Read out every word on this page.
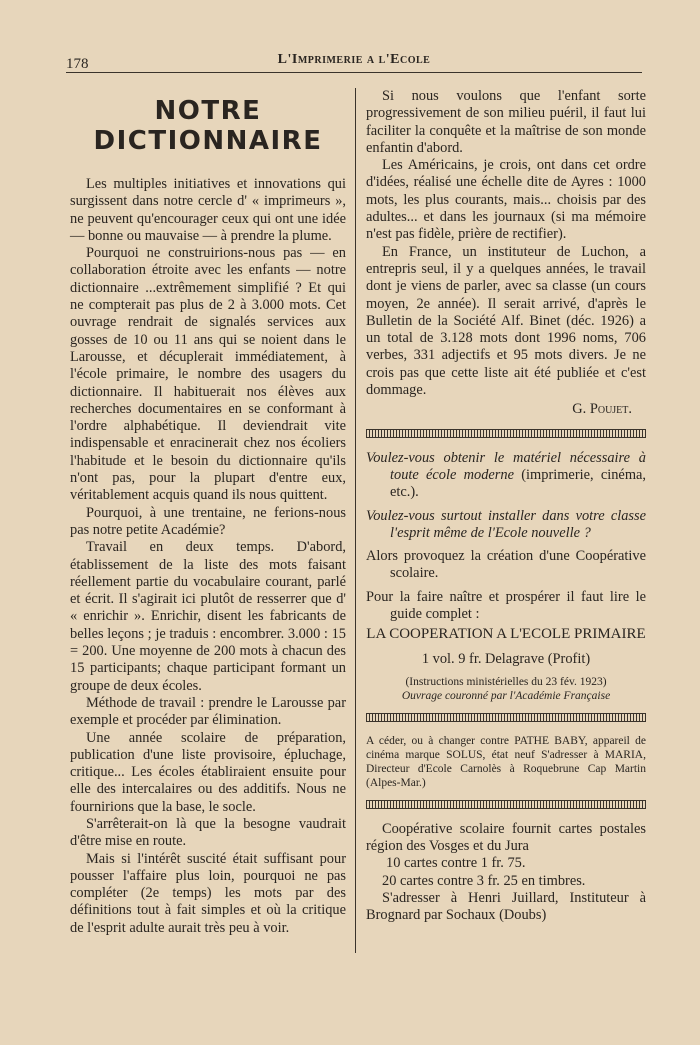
178	L'Imprimerie a l'Ecole
NOTRE DICTIONNAIRE

Les multiples initiatives et innovations qui surgissent dans notre cercle d' « imprimeurs », ne peuvent qu'encourager ceux qui ont une idée — bonne ou mauvaise — à prendre la plume.

Pourquoi ne construirions-nous pas — en collaboration étroite avec les enfants — notre dictionnaire ...extrêmement simplifié ? Et qui ne compterait pas plus de 2 à 3.000 mots. Cet ouvrage rendrait de signalés services aux gosses de 10 ou 11 ans qui se noient dans le Larousse, et décuplerait immédiatement, à l'école primaire, le nombre des usagers du dictionnaire. Il habituerait nos élèves aux recherches documentaires en se conformant à l'ordre alphabétique. Il deviendrait vite indispensable et enracinerait chez nos écoliers l'habitude et le besoin du dictionnaire qu'ils n'ont pas, pour la plupart d'entre eux, véritablement acquis quand ils nous quittent.

Pourquoi, à une trentaine, ne ferions-nous pas notre petite Académie?

Travail en deux temps. D'abord, établissement de la liste des mots faisant réellement partie du vocabulaire courant, parlé et écrit. Il s'agirait ici plutôt de resserrer que d' « enrichir ». Enrichir, disent les fabricants de belles leçons ; je traduis : encombrer. 3.000 : 15 = 200. Une moyenne de 200 mots à chacun des 15 participants; chaque participant formant un groupe de deux écoles.

Méthode de travail : prendre le Larousse par exemple et procéder par élimination.

Une année scolaire de préparation, publication d'une liste provisoire, épluchage, critique... Les écoles établiraient ensuite pour elle des intercalaires ou des additifs. Nous ne fournirions que la base, le socle.

S'arrêterait-on là que la besogne vaudrait d'être mise en route.

Mais si l'intérêt suscité était suffisant pour pousser l'affaire plus loin, pourquoi ne pas compléter (2e temps) les mots par des définitions tout à fait simples et où la critique de l'esprit adulte aurait très peu à voir.

Si nous voulons que l'enfant sorte progressivement de son milieu puéril, il faut lui faciliter la conquête et la maîtrise de son monde enfantin d'abord.

Les Américains, je crois, ont dans cet ordre d'idées, réalisé une échelle dite de Ayres : 1000 mots, les plus courants, mais... choisis par des adultes... et dans les journaux (si ma mémoire n'est pas fidèle, prière de rectifier).

En France, un instituteur de Luchon, a entrepris seul, il y a quelques années, le travail dont je viens de parler, avec sa classe (un cours moyen, 2e année). Il serait arrivé, d'après le Bulletin de la Société Alf. Binet (déc. 1926) a un total de 3.128 mots dont 1996 noms, 706 verbes, 331 adjectifs et 95 mots divers. Je ne crois pas que cette liste ait été publiée et c'est dommage.

G. Poujet.

Voulez-vous obtenir le matériel nécessaire à toute école moderne (imprimerie, cinéma, etc.).

Voulez-vous surtout installer dans votre classe l'esprit même de l'Ecole nouvelle ?

Alors provoquez la création d'une Coopérative scolaire.

Pour la faire naître et prospérer il faut lire le guide complet :

LA COOPERATION A L'ECOLE PRIMAIRE

1 vol. 9 fr. Delagrave (Profit)

(Instructions ministérielles du 23 fév. 1923)

Ouvrage couronné par l'Académie Française

A céder, ou à changer contre PATHE BABY, appareil de cinéma marque SOLUS, état neuf S'adresser à MARIA, Directeur d'Ecole Carnolès à Roquebrune Cap Martin (Alpes-Mar.)

Coopérative scolaire fournit cartes postales région des Vosges et du Jura

10 cartes contre 1 fr. 75.

20 cartes contre 3 fr. 25 en timbres.

S'adresser à Henri Juillard, Instituteur à Brognard par Sochaux (Doubs)
